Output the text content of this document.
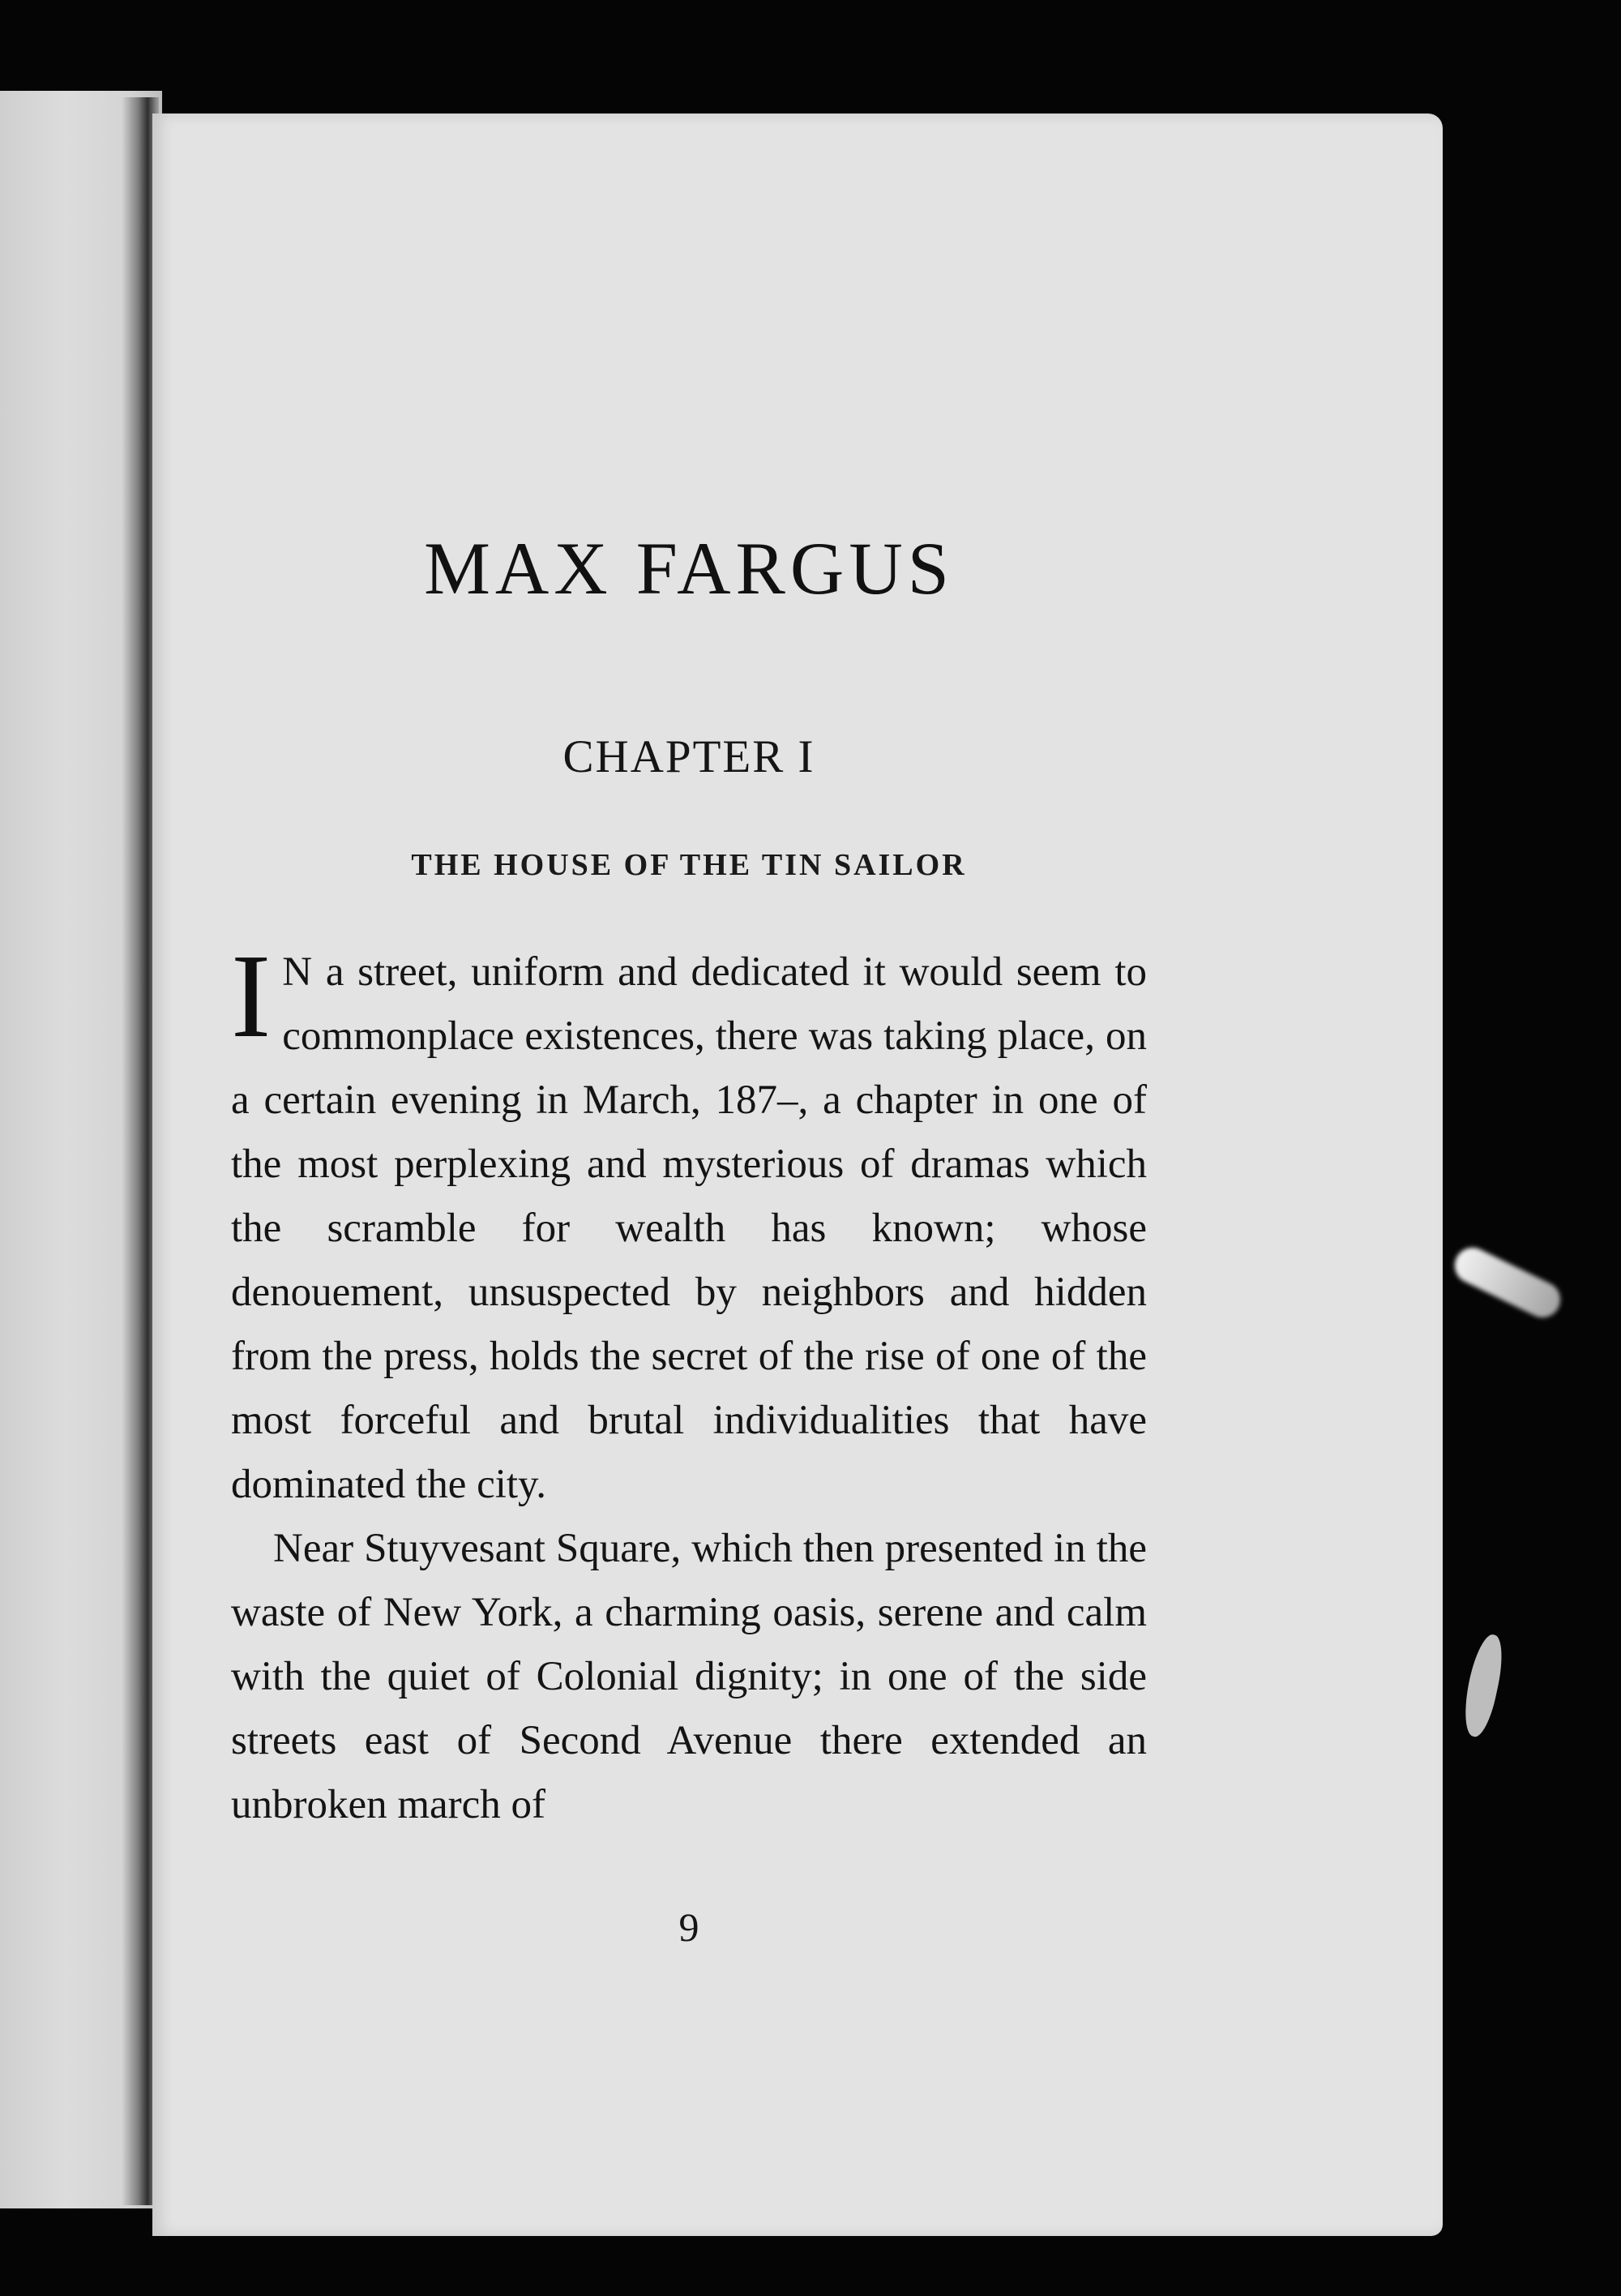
MAX FARGUS
CHAPTER I
THE HOUSE OF THE TIN SAILOR

I N a street, uniform and dedicated it would seem to commonplace existences, there was taking place, on a certain evening in March, 187–, a chapter in one of the most perplexing and mysterious of dramas which the scramble for wealth has known; whose denouement, unsuspected by neighbors and hidden from the press, holds the secret of the rise of one of the most forceful and brutal individualities that have dominated the city.

Near Stuyvesant Square, which then presented in the waste of New York, a charming oasis, serene and calm with the quiet of Colonial dignity; in one of the side streets east of Second Avenue there extended an unbroken march of

9
